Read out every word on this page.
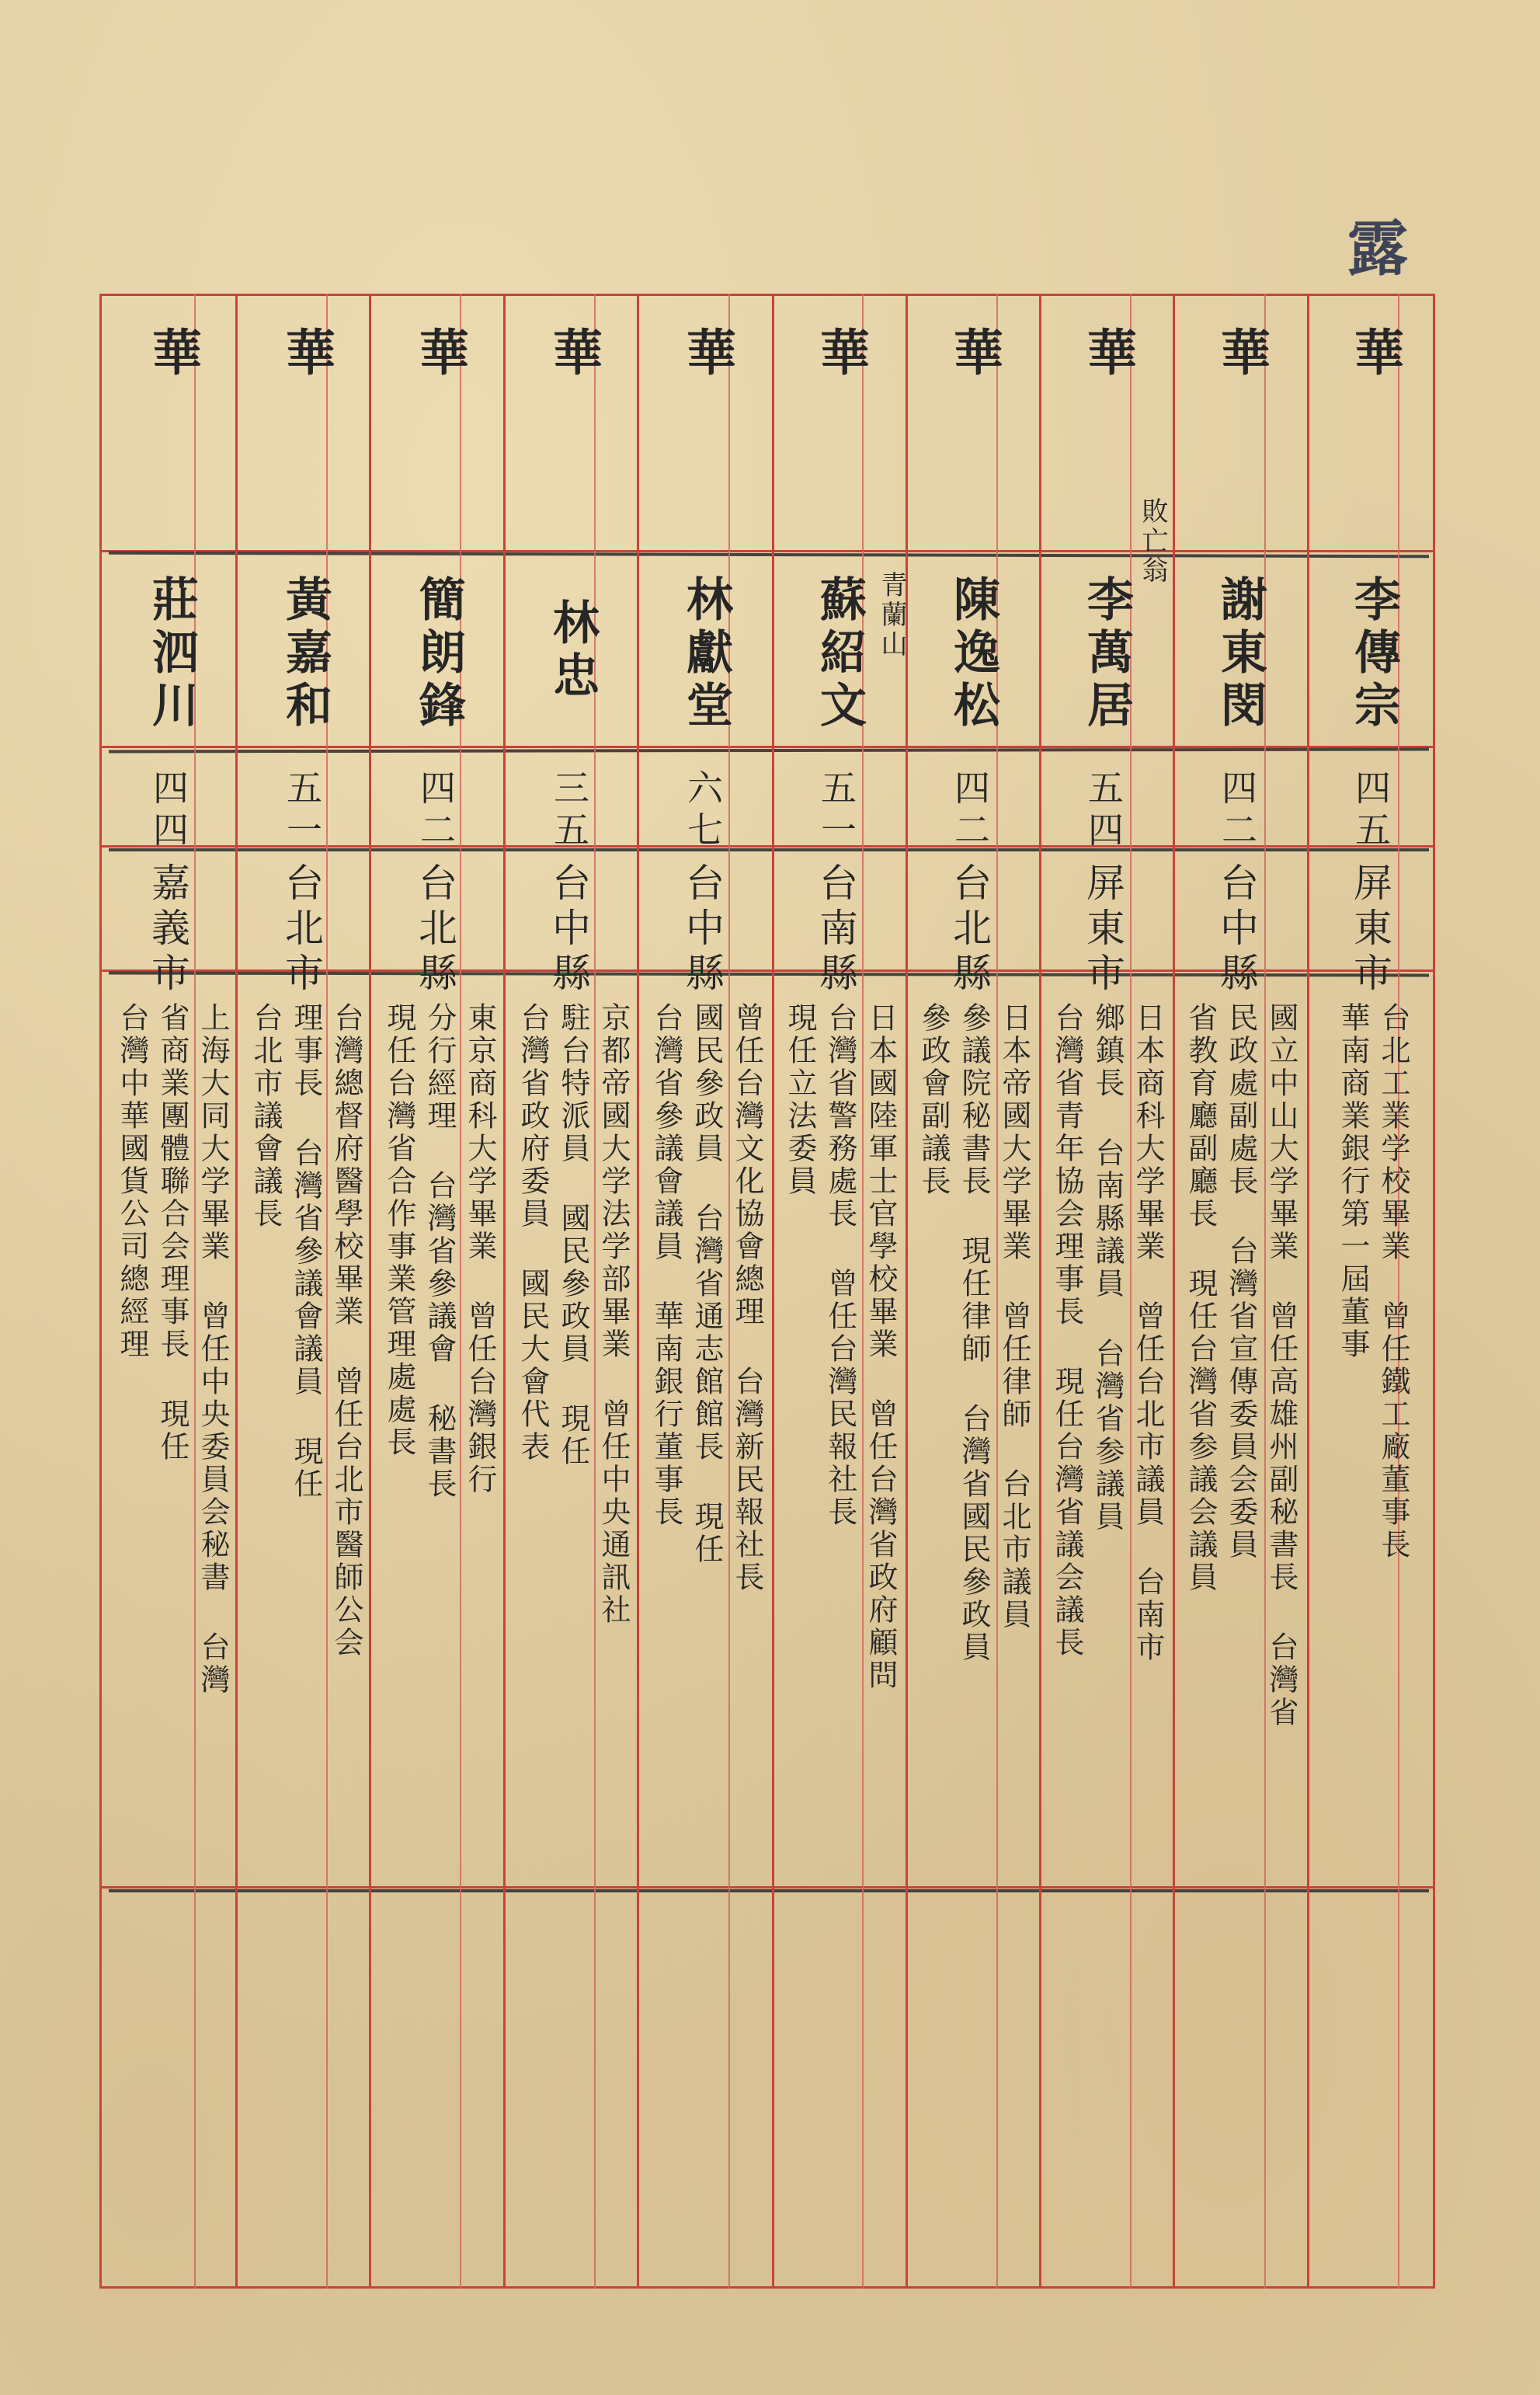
露
華
李傳宗
四五
屏東市
台北工業学校畢業 曾任鐵工廠董事長
華南商業銀行第一屆董事
華
謝東閔
四二
台中縣
國立中山大学畢業 曾任高雄州副秘書長 台灣省
民政處副處長 台灣省宣傳委員会委員
省教育廳副廳長 現任台灣省参議会議員
華
敗亡翁
李萬居
五四
屏東市
日本商科大学畢業 曾任台北市議員 台南市
鄉鎮長 台南縣議員 台灣省参議員
台灣省青年協会理事長 現任台灣省議会議長
華
陳逸松
四二
台北縣
日本帝國大学畢業 曾任律師 台北市議員
參議院秘書長 現任律師 台灣省國民參政員
參政會副議長
華
青蘭山
蘇紹文
五一
台南縣
日本國陸軍士官學校畢業 曾任台灣省政府顧問
台灣省警務處長 曾任台灣民報社長
現任立法委員
華
林獻堂
六七
台中縣
曾任台灣文化協會總理 台灣新民報社長
國民參政員 台灣省通志館館長 現任
台灣省參議會議員 華南銀行董事長
華
林忠
三五
台中縣
京都帝國大学法学部畢業 曾任中央通訊社
駐台特派員 國民參政員 現任
台灣省政府委員 國民大會代表
華
簡朗鋒
四二
台北縣
東京商科大学畢業 曾任台灣銀行
分行經理 台灣省參議會 秘書長
現任台灣省合作事業管理處處長
華
黃嘉和
五一
台北市
台灣總督府醫學校畢業 曾任台北市醫師公会
理事長 台灣省參議會議員 現任
台北市議會議長
華
莊泗川
四四
嘉義市
上海大同大学畢業 曾任中央委員会秘書 台灣
省商業團體聯合会理事長 現任
台灣中華國貨公司總經理
